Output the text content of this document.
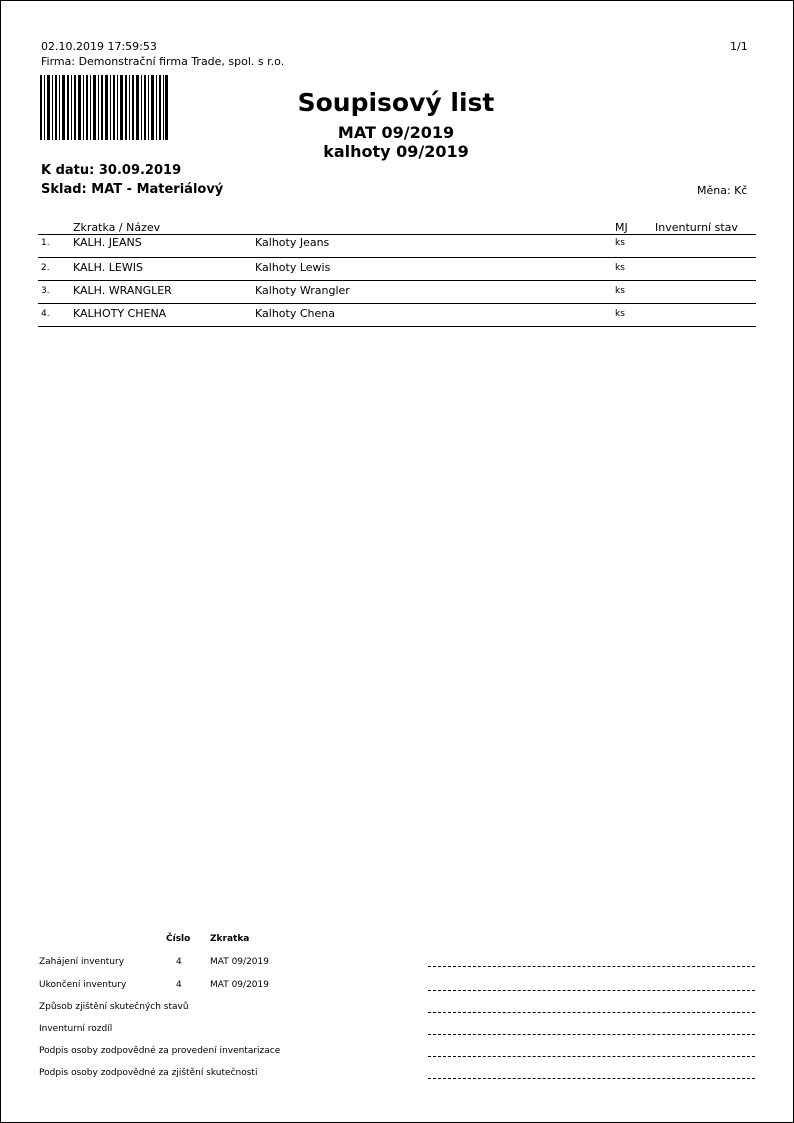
02.10.2019 17:59:53	1/1
Firma: Demonstrační firma Trade, spol. s r.o.
Soupisový list
MAT 09/2019
kalhoty 09/2019
K datu: 30.09.2019
Sklad: MAT - Materiálový	Měna: Kč
Zkratka / Název	MJ Inventurní stav
1. KALH. JEANS	Kalhoty Jeans	ks
2. KALH. LEWIS	Kalhoty Lewis	ks
3. KALH. WRANGLER	Kalhoty Wrangler	ks
4. KALHOTY CHENA	Kalhoty Chena	ks
Číslo Zkratka
Zahájení inventury	4	MAT 09/2019
Ukončení inventury	4	MAT 09/2019
Způsob zjištění skutečných stavů
Inventurní rozdíl
Podpis osoby zodpovědné za provedení inventarizace
Podpis osoby zodpovědné za zjištění skutečnosti
